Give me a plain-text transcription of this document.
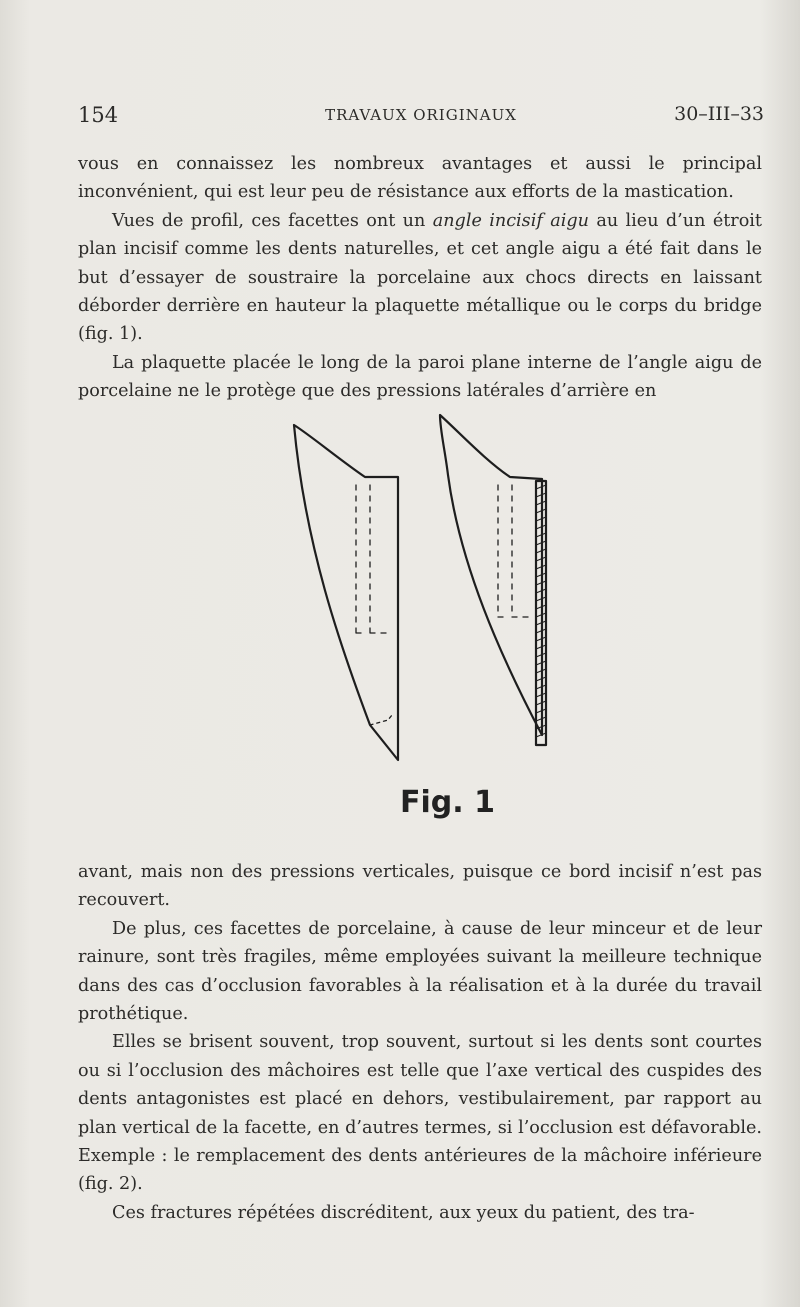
154	TRAVAUX ORIGINAUX	30–III–33

vous en connaissez les nombreux avantages et aussi le principal inconvénient, qui est leur peu de résistance aux efforts de la mastication.

Vues de profil, ces facettes ont un angle incisif aigu au lieu d’un étroit plan incisif comme les dents naturelles, et cet angle aigu a été fait dans le but d’essayer de soustraire la porcelaine aux chocs directs en laissant déborder derrière en hauteur la plaquette métallique ou le corps du bridge (fig. 1).

La plaquette placée le long de la paroi plane interne de l’angle aigu de porcelaine ne le protège que des pressions latérales d’arrière en

Fig. 1

avant, mais non des pressions verticales, puisque ce bord incisif n’est pas recouvert.

De plus, ces facettes de porcelaine, à cause de leur minceur et de leur rainure, sont très fragiles, même employées suivant la meilleure technique dans des cas d’occlusion favorables à la réalisation et à la durée du travail prothétique.

Elles se brisent souvent, trop souvent, surtout si les dents sont courtes ou si l’occlusion des mâchoires est telle que l’axe vertical des cuspides des dents antagonistes est placé en dehors, vestibulairement, par rapport au plan vertical de la facette, en d’autres termes, si l’occlusion est défavorable. Exemple : le remplacement des dents antérieures de la mâchoire inférieure (fig. 2).

Ces fractures répétées discréditent, aux yeux du patient, des tra-
